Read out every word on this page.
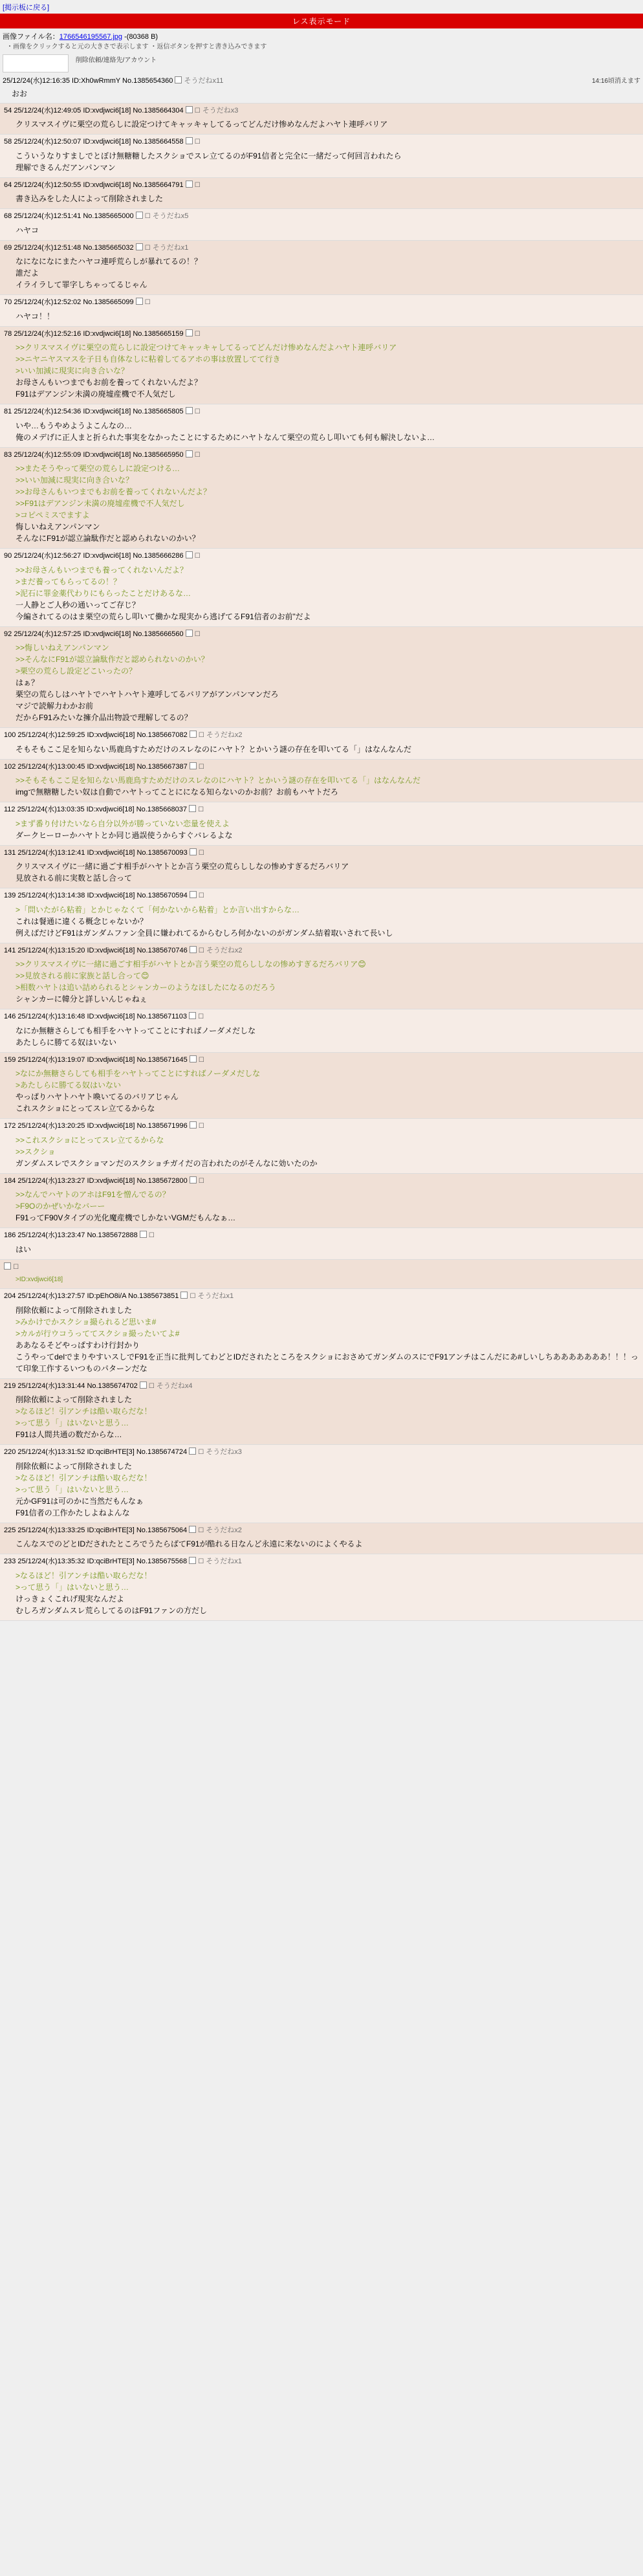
[掲示板に戻る]
レス表示モード
画像ファイル名：1766546195567.jpg -(80368 B)
・画像をクリックすると元の大きさで表示します ・返信ボタンを押すと書き込みできます
削除依頼/連絡先/アカウント
14:16頃消えます
25/12/24(水)12:16:35 ID:Xh0wRmmY No.1385654360 そうだねx11
おお
54 25/12/24(水)12:49:05 ID:xvdjwci6[18] No.1385664304 ☐ そうだねx3
クリスマスイヴに栗空の荒らしに設定つけてキャッキャしてるってどんだけ惨めなんだよハヤト連呼バリア
58 25/12/24(水)12:50:07 ID:xvdjwci6[18] No.1385664558 ☐
こういうなりすましでとぼけ無糖糖したスクショでスレ立てるのがF91信者と完全に一緒だって何回言われたら
理解できるんだアンパンマン
64 25/12/24(水)12:50:55 ID:xvdjwci6[18] No.1385664791 ☐
書き込みをした人によって削除されました
68 25/12/24(水)12:51:41 No.1385665000 ☐ そうだねx5
ハヤコ
69 25/12/24(水)12:51:48 No.1385665032 ☐ そうだねx1
なになになにまたハヤコ連呼荒らしが暴れてるの！？
誰だよ
イライラして罪字しちゃってるじゃん
70 25/12/24(水)12:52:02 No.1385665099 ☐
ハヤコ！！
78 25/12/24(水)12:52:16 ID:xvdjwci6[18] No.1385665159 ☐
>>クリスマスイヴに栗空の荒らしに設定つけてキャッキャしてるってどんだけ惨めなんだよハヤト連呼バリア
>>ニヤニヤスマスを子日も自体なしに粘着してるアホの事は放置してて行き
>いい加減に現実に向き合いな？
お母さんもいつまでもお前を養ってくれないんだよ？
F91はデアンジン未満の廃墟産機で不人気だし
81 25/12/24(水)12:54:36 ID:xvdjwci6[18] No.1385665805 ☐
いや…もうやめようよこんなの…
俺のメデげに正人まと折られた事実をなかったことにするためにハヤトなんて栗空の荒らし叩いても何も解決しないよ…
83 25/12/24(水)12:55:09 ID:xvdjwci6[18] No.1385665950 ☐
>>またそうやって栗空の荒らしに設定つける…
>>いい加減に現実に向き合いな？
>>お母さんもいつまでもお前を養ってくれないんだよ？
>>F91はデアンジン未満の廃墟産機で不人気だし
>コピペミスでますよ
悔しいねえアンパンマン
そんなにF91が認立論駄作だと認められないのかい？
90 25/12/24(水)12:56:27 ID:xvdjwci6[18] No.1385666286 ☐
>>お母さんもいつまでも養ってくれないんだよ？
>まだ養ってもらってるの！？
>泥石に罪金薬代わりにもらったことだけあるな…
一人静とご人秒の通いってご存じ？
今編されてるのはま栗空の荒らし叩いて働かな現実から逃げてるF91信者のお前”だよ
92 25/12/24(水)12:57:25 ID:xvdjwci6[18] No.1385666560 ☐
>>悔しいねえアンパンマン
>>そんなにF91が認立論駄作だと認められないのかい？
>栗空の荒らし設定どこいったの？
はぁ？
栗空の荒らしはハヤトでハヤトハヤト連呼してるバリアがアンパンマンだろ
マジで読解力わかお前
だからF91みたいな擁介品出物設で理解してるの？
100 25/12/24(水)12:59:25 ID:xvdjwci6[18] No.1385667082 ☐ そうだねx2
そもそもここ足を知らない馬鹿鳥すためだけのスレなのにハヤト？とかいう謎の存在を叩いてる「」はなんなんだ
102 25/12/24(水)13:00:45 ID:xvdjwci6[18] No.1385667387 ☐
>>そもそもここ足を知らない馬鹿鳥すためだけのスレなのにハヤト？とかいう謎の存在を叩いてる「」はなんなんだ
imgで無糖糖したい奴は自動でハヤトってことにになる知らないのかお前？お前もハヤトだろ
112 25/12/24(水)13:03:35 ID:xvdjwci6[18] No.1385668037 ☐
>まず番り付けたいなら自分以外が勝っていない恋量を使えよ
ダークヒーローかハヤトとか同じ過誤使うからすぐバレるよな
131 25/12/24(水)13:12:41 ID:xvdjwci6[18] No.1385670093 ☐
クリスマスイヴに一緒に過ごす相手がハヤトとか言う栗空の荒らししなの惨めすぎるだろバリア
見放される前に実数と話し合って
139 25/12/24(水)13:14:38 ID:xvdjwci6[18] No.1385670594 ☐
>「問いたがら粘着」とかじゃなくて「何かないから粘着」とか言い出すからな…
これは餐通に違くる概念じゃないか？
例えばだけどF91はガンダムファン全員に嫌われてるからむしろ何かないのがガンダム結着取いされて長いし
141 25/12/24(水)13:15:20 ID:xvdjwci6[18] No.1385670746 ☐ そうだねx2
>>クリスマスイヴに一緒に過ごす相手がハヤトとか言う栗空の荒らししなの惨めすぎるだろバリア😊
>>見放される前に家族と話し合って😊
>相数ハヤトは追い詰められるとシャンカーのようなほしたになるのだろう
シャンカーに韓分と詳しいんじゃねぇ
146 25/12/24(水)13:16:48 ID:xvdjwci6[18] No.1385671103 ☐
なにか無糖さらしても相手をハヤトってことにすればノーダメだしな
あたしらに勝てる奴はいない
159 25/12/24(水)13:19:07 ID:xvdjwci6[18] No.1385671645 ☐
>なにか無糖さらしても相手をハヤトってことにすればノーダメだしな
>あたしらに勝てる奴はいない
やっぱりハヤトハヤト喚いてるのバリアじゃん
これスクショにとってスレ立てるからな
172 25/12/24(水)13:20:25 ID:xvdjwci6[18] No.1385671996 ☐
>>これスクショにとってスレ立てるからな
>>スクショ
ガンダムスレでスクショマンだのスクショチガイだの言われたのがそんなに効いたのか
184 25/12/24(水)13:23:27 ID:xvdjwci6[18] No.1385672800 ☐
>>なんでハヤトのアホはF91を憎んでるの？
>F9Oのかぜいかなバーー
F91ってF90Vタイプの光化魔産機でしかないVGMだもんなぁ…
186 25/12/24(水)13:23:47 No.1385672888 ☐
はい
☐
>ID:xvdjwci6[18]
204 25/12/24(水)13:27:57 ID:pEhO8i/A No.1385673851 ☐ そうだねx1
削除依頼によって削除されました
>みかけでかスクショ撮られるど思いま#
>カルが行ウコうっててスクショ撮ったいてよ#
ああなるそどやっぱすわけ行封かり
こうやってdelでまりやすいスしでF91を正当に批判してわどとIDだされたところをスクショにおさめてガンダムのスにでF91アンチはこんだにあ#しいしちあああああああ！！！って印象工作するいつものパターンだな
219 25/12/24(水)13:31:44 No.1385674702 ☐ そうだねx4
削除依頼によって削除されました
>なるほど！引アンチは酷い取らだな！
>って思う「」はいないと思う…
F91は人間共通の数だからな…
220 25/12/24(水)13:31:52 ID:qciBrHTE[3] No.1385674724 ☐ そうだねx3
削除依頼によって削除されました
>なるほど！引アンチは酷い取らだな！
>って思う「」はいないと思う…
元かGF91は可のかに当然だもんなぁ
F91信者の工作かたしよねよんな
225 25/12/24(水)13:33:25 ID:qciBrHTE[3] No.1385675064 ☐ そうだねx2
こんなスでのどとIDだされたところでうたらばてF91が酷れる日なんど永遠に来ないのによくやるよ
233 25/12/24(水)13:35:32 ID:qciBrHTE[3] No.1385675568 ☐ そうだねx1
>なるほど！引アンチは酷い取らだな！
>って思う「」はいないと思う…
けっきょくこれげ現実なんだよ
むしろガンダムスレ荒らしてるのはF91ファンの方だし
